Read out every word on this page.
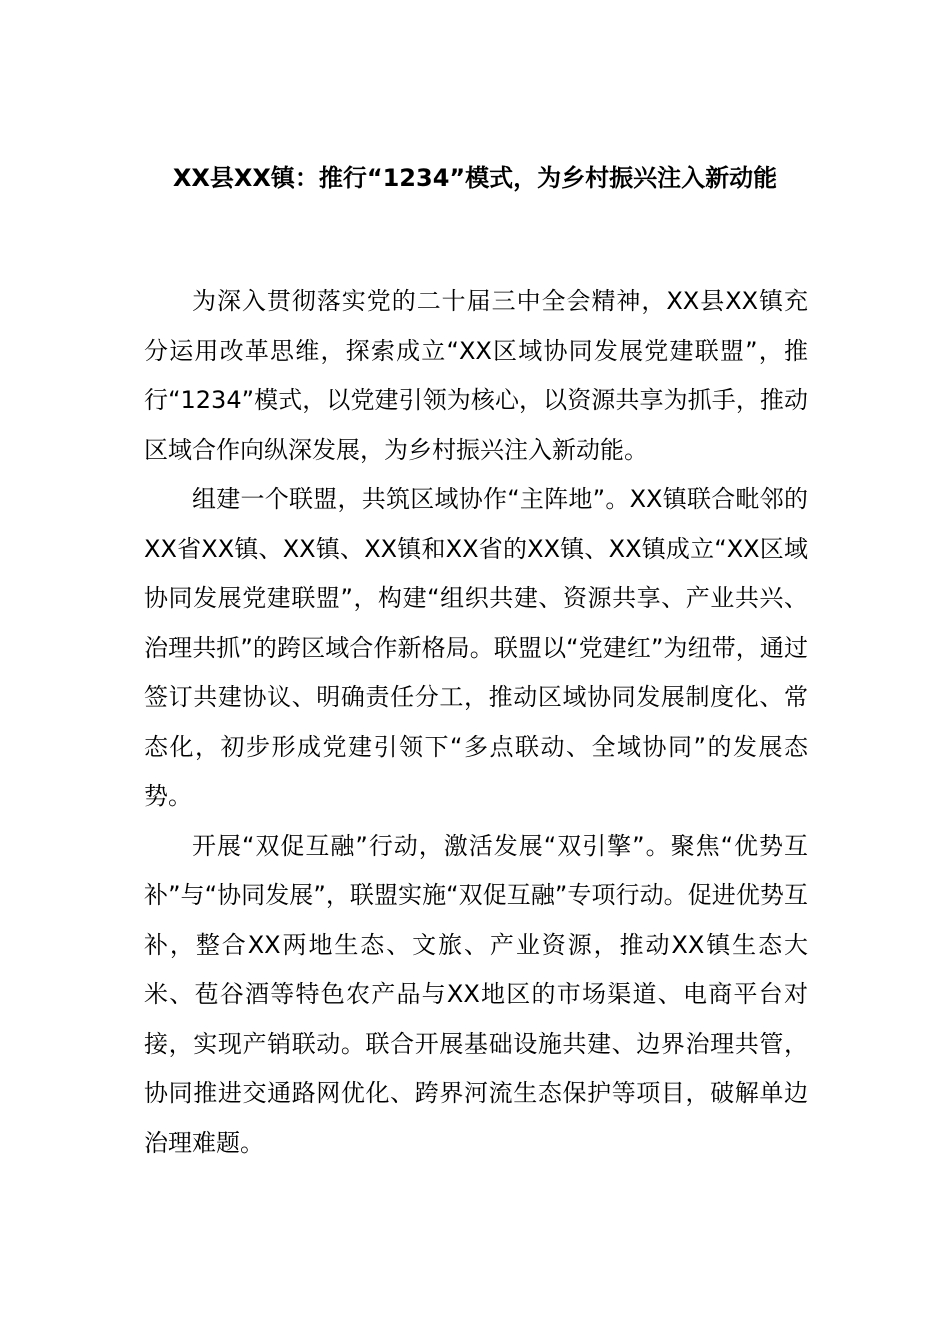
XX县XX镇：推行“1234”模式，为乡村振兴注入新动能

为深入贯彻落实党的二十届三中全会精神，XX县XX镇充分运用改革思维，探索成立“XX区域协同发展党建联盟”，推行“1234”模式，以党建引领为核心，以资源共享为抓手，推动区域合作向纵深发展，为乡村振兴注入新动能。

组建一个联盟，共筑区域协作“主阵地”。XX镇联合毗邻的XX省XX镇、XX镇、XX镇和XX省的XX镇、XX镇成立“XX区域协同发展党建联盟”，构建“组织共建、资源共享、产业共兴、治理共抓”的跨区域合作新格局。联盟以“党建红”为纽带，通过签订共建协议、明确责任分工，推动区域协同发展制度化、常态化，初步形成党建引领下“多点联动、全域协同”的发展态势。

开展“双促互融”行动，激活发展“双引擎”。聚焦“优势互补”与“协同发展”，联盟实施“双促互融”专项行动。促进优势互补，整合XX两地生态、文旅、产业资源，推动XX镇生态大米、苞谷酒等特色农产品与XX地区的市场渠道、电商平台对接，实现产销联动。联合开展基础设施共建、边界治理共管，协同推进交通路网优化、跨界河流生态保护等项目，破解单边治理难题。
